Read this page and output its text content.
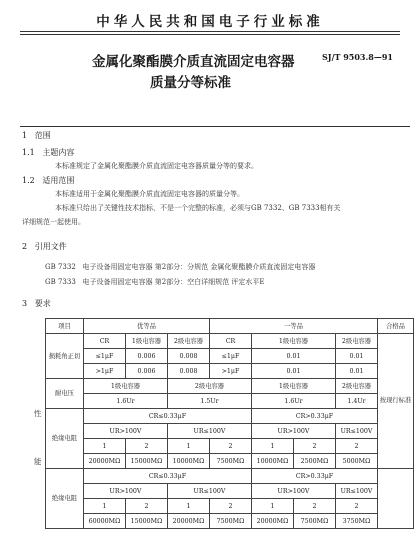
中华人民共和国电子行业标准
金属化聚酯膜介质直流固定电容器
质量分等标准
SJ/T 9503.8—91
1 范围
1.1 主题内容
本标准规定了金属化聚酯膜介质直流固定电容器质量分等的要求。
1.2 适用范围
本标准适用于金属化聚酯膜介质直流固定电容器的质量分等。
本标准只给出了关键性技术指标，不是一个完整的标准，必须与GB 7332、GB 7333相有关
详细规范一起使用。
2 引用文件
GB 7332 电子设备用固定电容器 第2部分：分规范 金属化聚酯膜介质直流固定电容器
GB 7333 电子设备用固定电容器 第2部分：空白详细规范 评定水平E
3 要求
性
能
项目	优等品			一等品				合格品
损耗角正切	CR	1级电容器	2级电容器	CR	1级电容器		2级电容器	按现行标准
	≤1μF	0.006	0.008	≤1μF	0.01		0.01	
	>1μF	0.006	0.008	>1μF	0.01		0.01	
耐电压	1级电容器		2级电容器		1级电容器		2级电容器	
	1.6Ur		1.5Ur		1.6Ur		1.4Ur	
绝缘电阻	CR≤0.33μF				CR>0.33μF			
	UR>100V		UR≤100V		UR>100V		UR≤100V	
	1	2	1	2	1	2	2	
	20000MΩ	15000MΩ	10000MΩ	7500MΩ	10000MΩ	2500MΩ	5000MΩ	
绝缘电阻	CR≤0.33μF				CR>0.33μF			
	UR>100V		UR≤100V		UR>100V		UR≤100V	
	1	2	1	2	1	2	2	
	60000MΩ	15000MΩ	20000MΩ	7500MΩ	20000MΩ	7500MΩ	3750MΩ	
